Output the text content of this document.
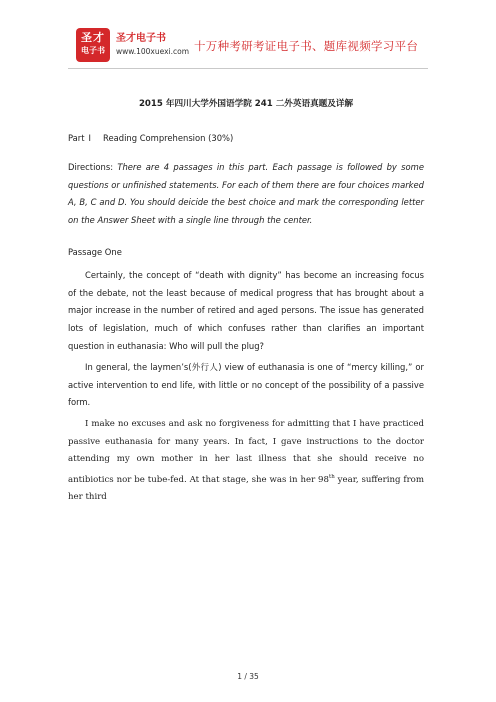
圣才
电子书
圣才电子书
www.100xuexi.com 十万种考研考证电子书、题库视频学习平台
2015 年四川大学外国语学院 241 二外英语真题及详解
Part I Reading Comprehension (30%)
Directions: There are 4 passages in this part. Each passage is followed by some questions or unfinished statements. For each of them there are four choices marked A, B, C and D. You should deicide the best choice and mark the corresponding letter on the Answer Sheet with a single line through the center.
Passage One

Certainly, the concept of “death with dignity” has become an increasing focus of the debate, not the least because of medical progress that has brought about a major increase in the number of retired and aged persons. The issue has generated lots of legislation, much of which confuses rather than clarifies an important question in euthanasia: Who will pull the plug?

In general, the laymen’s(外行人) view of euthanasia is one of “mercy killing,” or active intervention to end life, with little or no concept of the possibility of a passive form.

I make no excuses and ask no forgiveness for admitting that I have practiced passive euthanasia for many years. In fact, I gave instructions to the doctor attending my own mother in her last illness that she should receive no antibiotics nor be tube-fed. At that stage, she was in her 98th year, suffering from her third

1 / 35
